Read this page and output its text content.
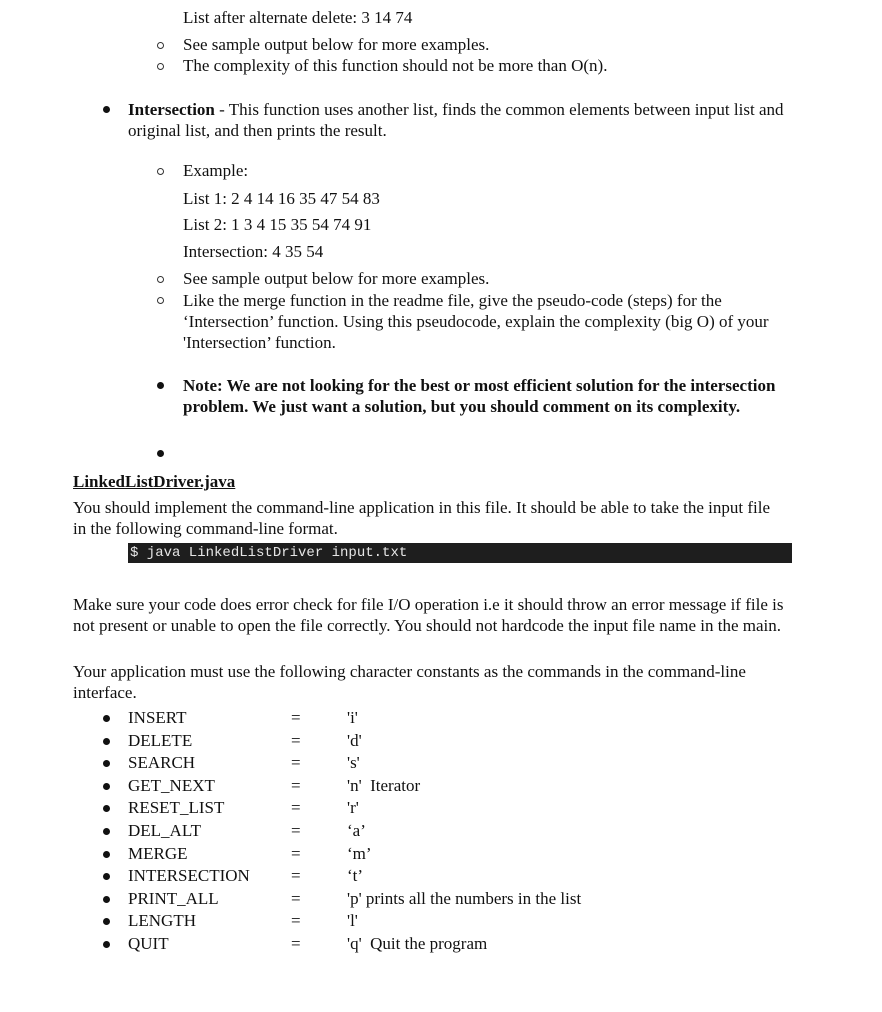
List after alternate delete: 3 14 74
See sample output below for more examples.
The complexity of this function should not be more than O(n).
Intersection - This function uses another list, finds the common elements between input list and original list, and then prints the result.
Example:
List 1: 2 4 14 16 35 47 54 83
List 2: 1 3 4 15 35 54 74 91
Intersection: 4 35 54
See sample output below for more examples.
Like the merge function in the readme file, give the pseudo-code (steps) for the ‘Intersection’ function. Using this pseudocode, explain the complexity (big O) of your 'Intersection’ function.
Note: We are not looking for the best or most efficient solution for the intersection problem. We just want a solution, but you should comment on its complexity.
LinkedListDriver.java
You should implement the command-line application in this file. It should be able to take the input file in the following command-line format.
$ java LinkedListDriver input.txt
Make sure your code does error check for file I/O operation i.e it should throw an error message if file is not present or unable to open the file correctly. You should not hardcode the input file name in the main.
Your application must use the following character constants as the commands in the command-line interface.
INSERT	=	'i'
DELETE	=	'd'
SEARCH	=	's'
GET_NEXT	=	'n'  Iterator
RESET_LIST	=	'r'
DEL_ALT	=	‘a’
MERGE	=	‘m’
INTERSECTION =	‘t’
PRINT_ALL	=	'p' prints all the numbers in the list
LENGTH	=	'l'
QUIT	=	'q'  Quit the program
